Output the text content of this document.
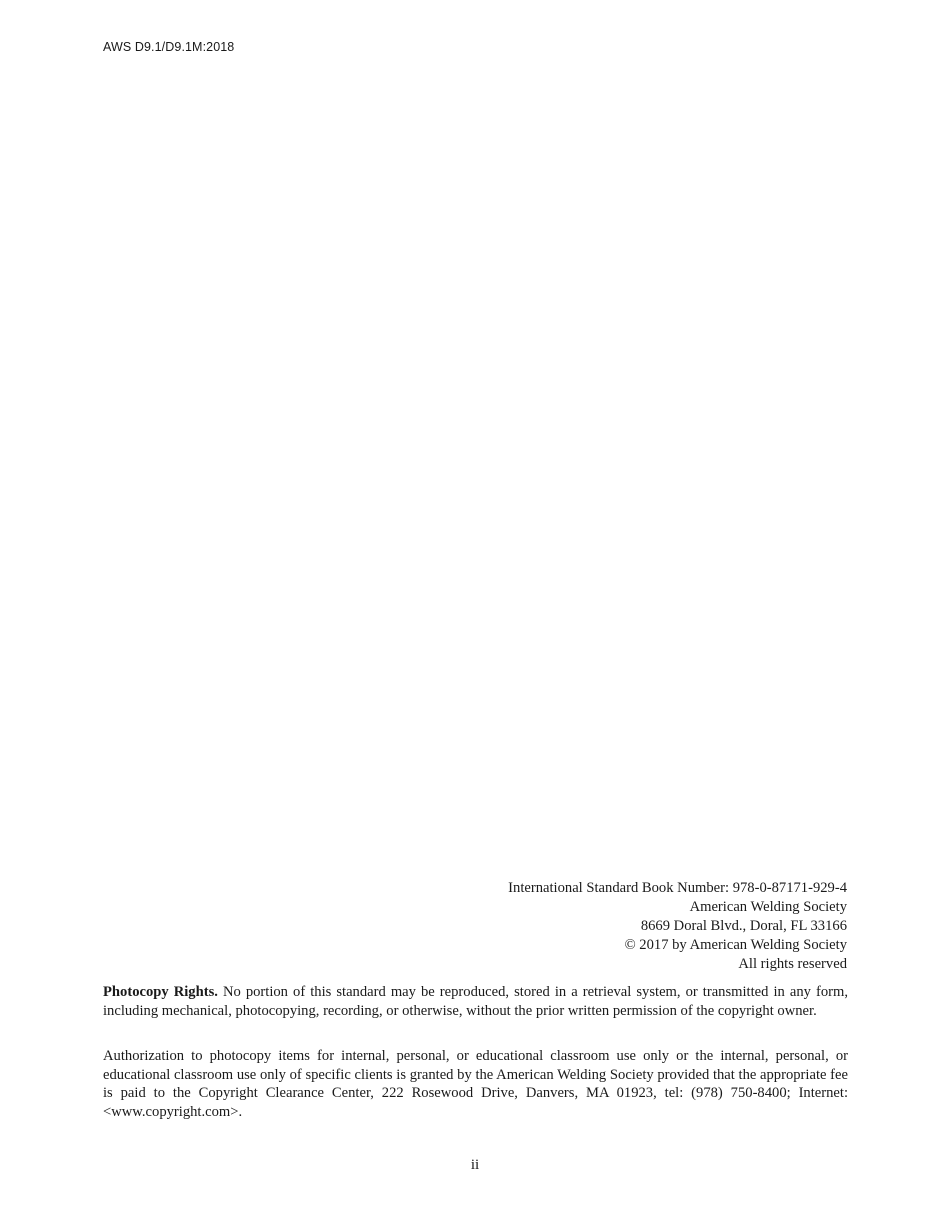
AWS D9.1/D9.1M:2018
International Standard Book Number: 978-0-87171-929-4
American Welding Society
8669 Doral Blvd., Doral, FL 33166
© 2017 by American Welding Society
All rights reserved

Photocopy Rights. No portion of this standard may be reproduced, stored in a retrieval system, or transmitted in any form, including mechanical, photocopying, recording, or otherwise, without the prior written permission of the copyright owner.

Authorization to photocopy items for internal, personal, or educational classroom use only or the internal, personal, or educational classroom use only of specific clients is granted by the American Welding Society provided that the appropriate fee is paid to the Copyright Clearance Center, 222 Rosewood Drive, Danvers, MA 01923, tel: (978) 750-8400; Internet: <www.copyright.com>.

ii
